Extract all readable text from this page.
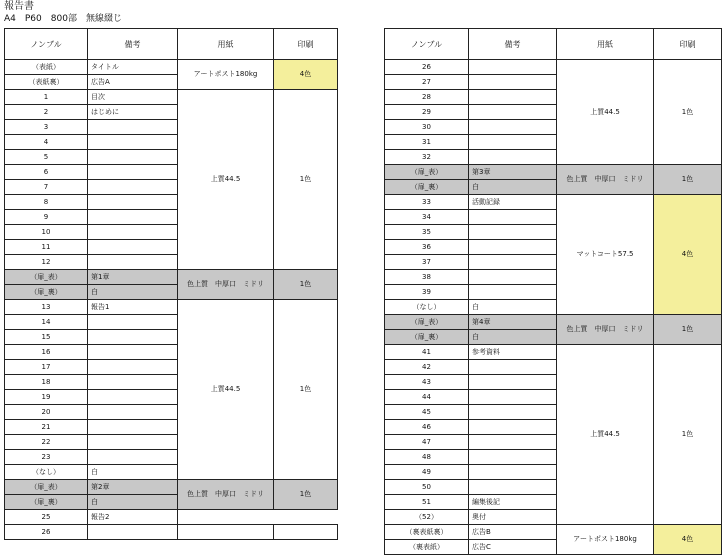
報告書
A4　P60　800部　無線綴じ
ノンブル	備考	用紙	印刷
（表紙）	タイトル	アートポスト180kg	4色
（表紙裏）	広告A		
1	目次	上質44.5	1色
2	はじめに		
3			
4			
5			
6			
7			
8			
9			
10			
11			
12			
（扉_表）	第1章	色上質　中厚口　ミドリ	1色
（扉_裏）	白		
13	報告1	上質44.5	1色
14			
15			
16			
17			
18			
19			
20			
21			
22			
23			
（なし）	白		
（扉_表）	第2章	色上質　中厚口　ミドリ	1色
（扉_裏）	白		
25	報告2		
26			
ノンブル	備考	用紙	印刷
26		上質44.5	1色
27			
28			
29			
30			
31			
32			
（扉_表）	第3章	色上質　中厚口　ミドリ	1色
（扉_裏）	白		
33	活動記録	マットコート57.5	4色
34			
35			
36			
37			
38			
39			
（なし）	白		
（扉_表）	第4章	色上質　中厚口　ミドリ	1色
（扉_裏）	白		
41	参考資料	上質44.5	1色
42			
43			
44			
45			
46			
47			
48			
49			
50			
51	編集後記		
（52）	奥付		
（裏表紙裏）	広告B	アートポスト180kg	4色
（裏表紙）	広告C		
